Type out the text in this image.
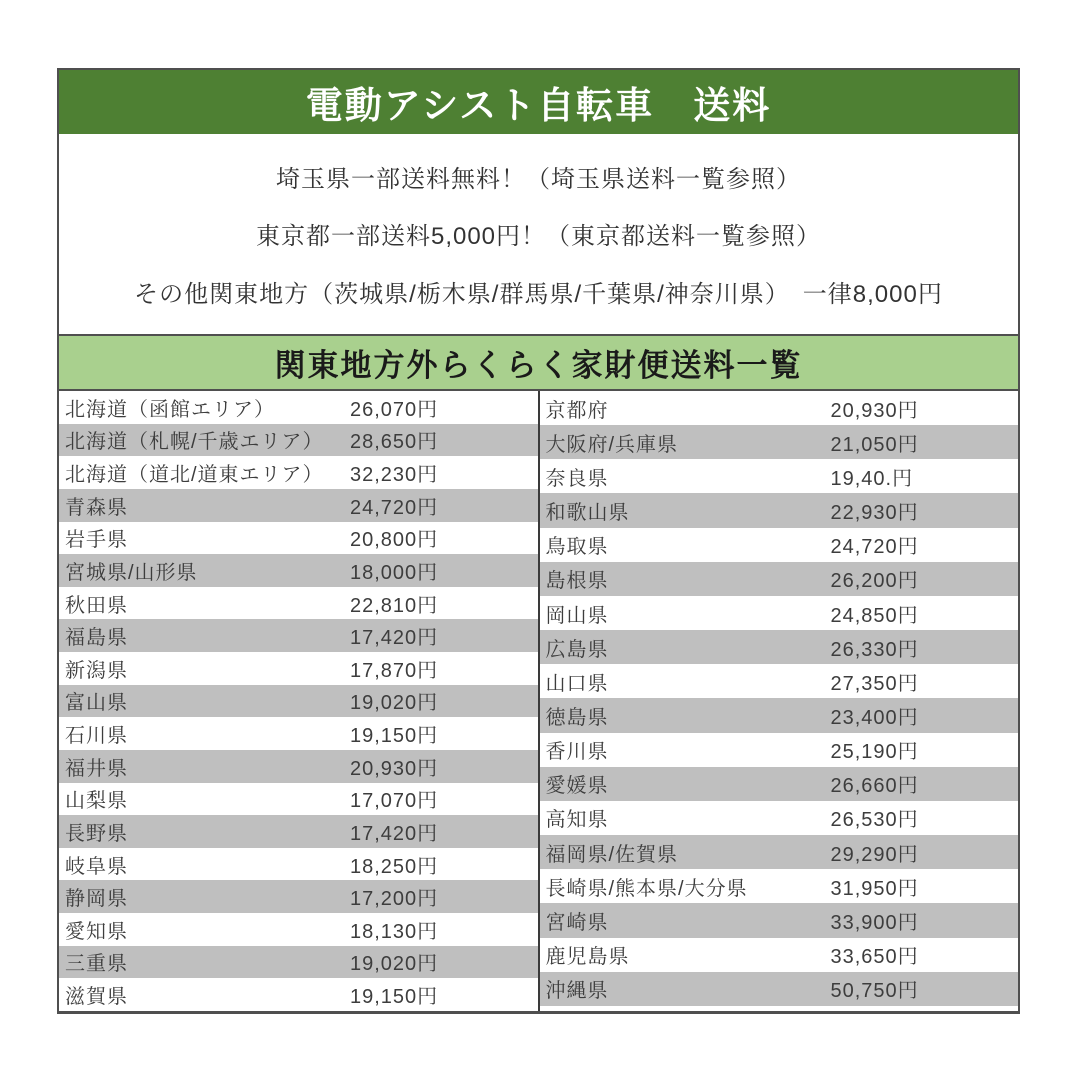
電動アシスト自転車　送料
埼玉県一部送料無料！（埼玉県送料一覧参照）
東京都一部送料5,000円！（東京都送料一覧参照）
その他関東地方（茨城県/栃木県/群馬県/千葉県/神奈川県）　一律8,000円
関東地方外らくらく家財便送料一覧
北海道（函館エリア）	26,070円
北海道（札幌/千歳エリア） 28,650円
北海道（道北/道東エリア） 32,230円
青森県	24,720円
岩手県	20,800円
宮城県/山形県	18,000円
秋田県	22,810円
福島県	17,420円
新潟県	17,870円
富山県	19,020円
石川県	19,150円
福井県	20,930円
山梨県	17,070円
長野県	17,420円
岐阜県	18,250円
静岡県	17,200円
愛知県	18,130円
三重県	19,020円
滋賀県	19,150円
京都府	20,930円
大阪府/兵庫県	21,050円
奈良県	19,40.円
和歌山県	22,930円
鳥取県	24,720円
島根県	26,200円
岡山県	24,850円
広島県	26,330円
山口県	27,350円
徳島県	23,400円
香川県	25,190円
愛媛県	26,660円
高知県	26,530円
福岡県/佐賀県	29,290円
長崎県/熊本県/大分県	31,950円
宮崎県	33,900円
鹿児島県	33,650円
沖縄県	50,750円
